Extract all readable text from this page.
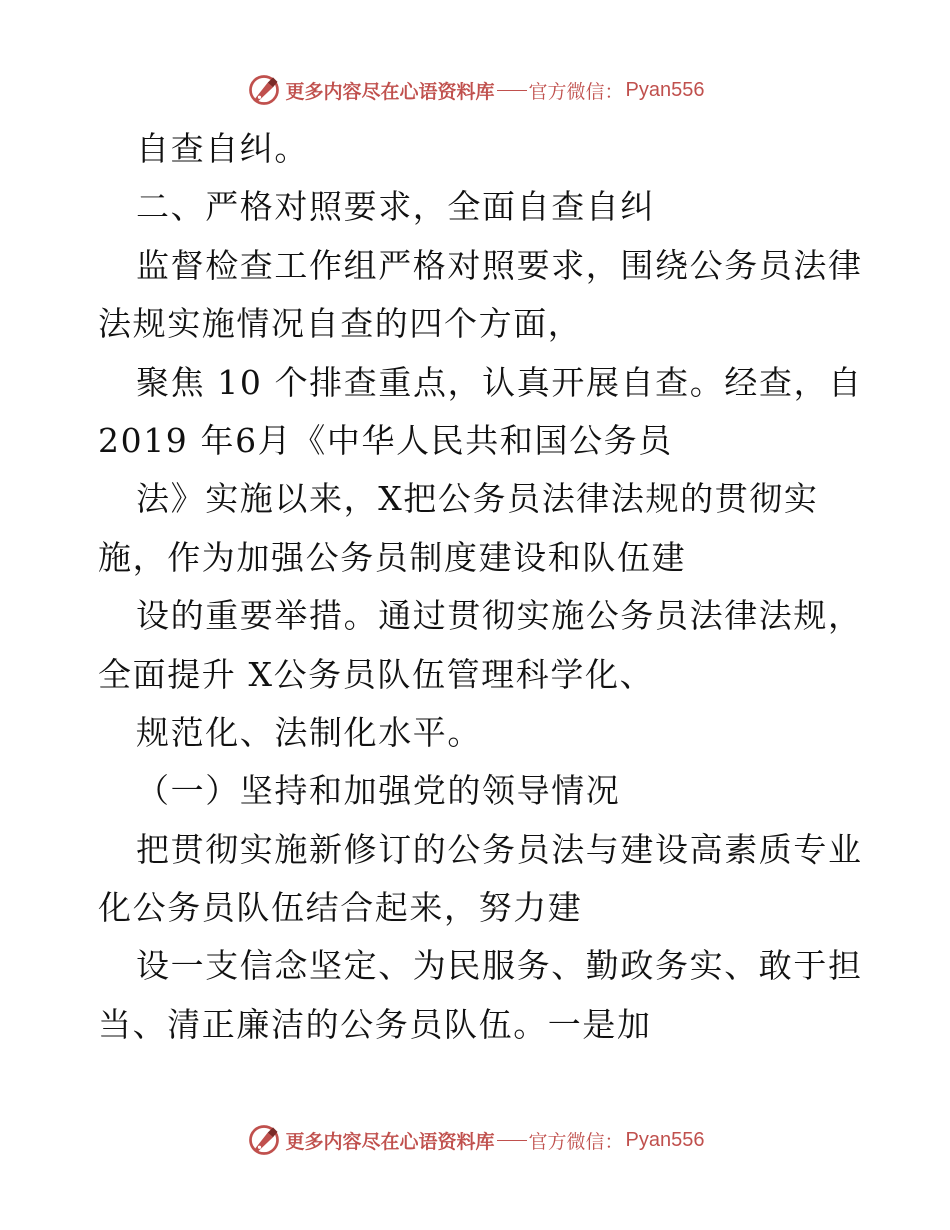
更多内容尽在心语资料库 官方微信： Pyan556
自查自纠。
二、严格对照要求，全面自查自纠
监督检查工作组严格对照要求，围绕公务员法律
法规实施情况自查的四个方面，
聚焦 10 个排查重点，认真开展自查。经查，自
2019 年6月《中华人民共和国公务员
法》实施以来，X把公务员法律法规的贯彻实
施，作为加强公务员制度建设和队伍建
设的重要举措。通过贯彻实施公务员法律法规，
全面提升 X公务员队伍管理科学化、
规范化、法制化水平。
（一）坚持和加强党的领导情况
把贯彻实施新修订的公务员法与建设高素质专业
化公务员队伍结合起来，努力建
设一支信念坚定、为民服务、勤政务实、敢于担
当、清正廉洁的公务员队伍。一是加
更多内容尽在心语资料库 官方微信： Pyan556
